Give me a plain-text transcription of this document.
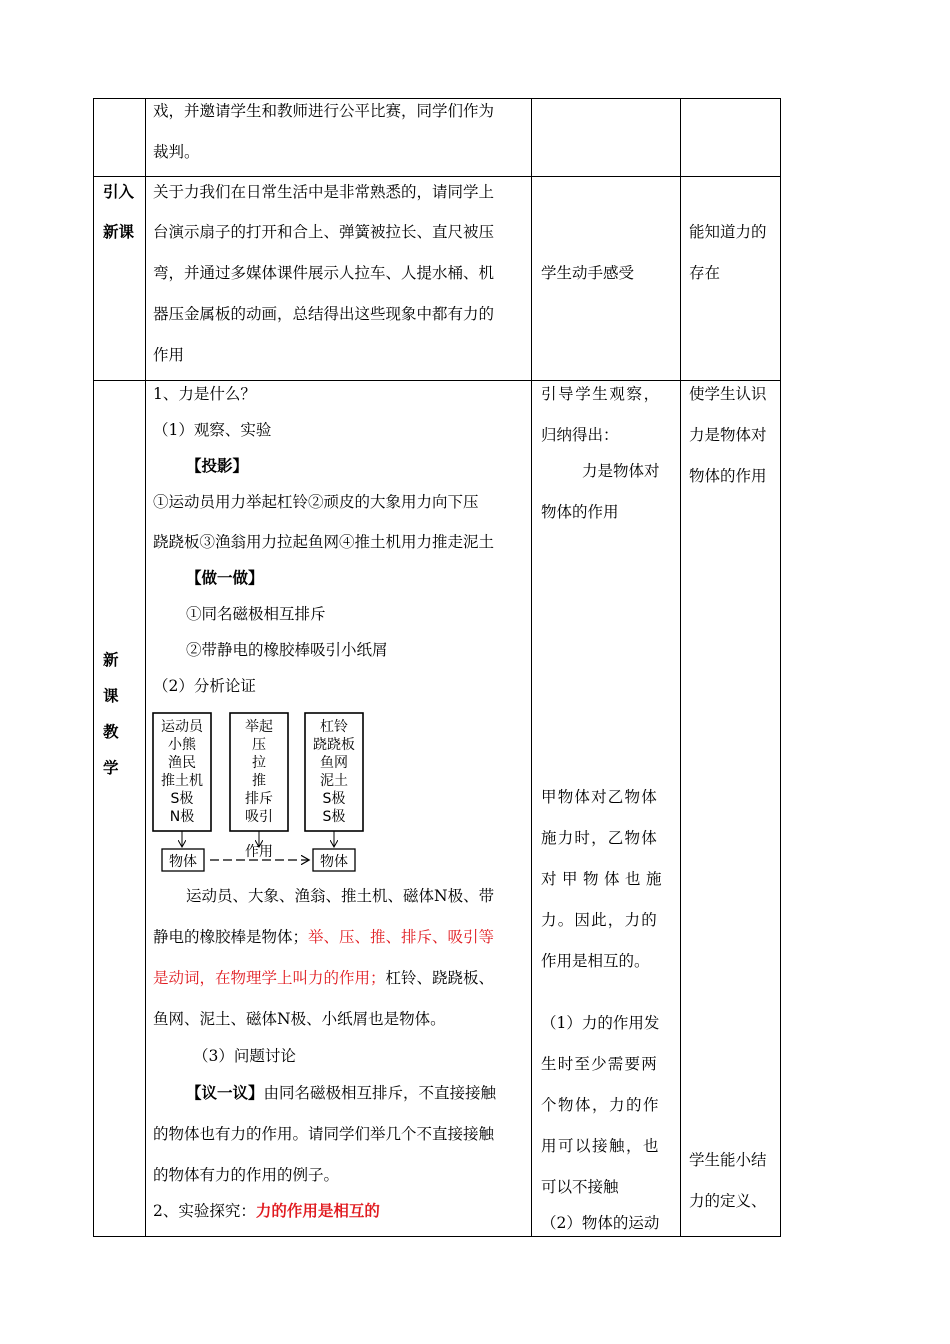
戏，并邀请学生和教师进行公平比赛，同学们作为
裁判。
引入
新课
关于力我们在日常生活中是非常熟悉的，请同学上
台演示扇子的打开和合上、弹簧被拉长、直尺被压
弯，并通过多媒体课件展示人拉车、人提水桶、机
器压金属板的动画，总结得出这些现象中都有力的
作用
学生动手感受
能知道力的
存在
新
课
教
学
1、力是什么？
（1）观察、实验
【投影】
①运动员用力举起杠铃②顽皮的大象用力向下压
跷跷板③渔翁用力拉起鱼网④推土机用力推走泥土
【做一做】
①同名磁极相互排斥
②带静电的橡胶棒吸引小纸屑
（2）分析论证
运动员
小熊
渔民
推土机
S极
N极
举起
压
拉
推
排斥
吸引
杠铃
跷跷板
鱼网
泥土
S极
S极
物体	物体
作用
运动员、大象、渔翁、推土机、磁体N极、带
静电的橡胶棒是物体；举、压、推、排斥、吸引等
是动词，在物理学上叫力的作用；杠铃、跷跷板、
鱼网、泥土、磁体N极、小纸屑也是物体。
（3）问题讨论
【议一议】由同名磁极相互排斥，不直接接触
的物体也有力的作用。请同学们举几个不直接接触
的物体有力的作用的例子。
2、实验探究：力的作用是相互的
引导学生观察，
归纳得出：
力是物体对
物体的作用
甲物体对乙物体
施力时，乙物体
对甲物体也施
力。因此，力的
作用是相互的。
（1）力的作用发
生时至少需要两
个物体，力的作
用可以接触，也
可以不接触
（2）物体的运动
使学生认识
力是物体对
物体的作用
学生能小结
力的定义、
